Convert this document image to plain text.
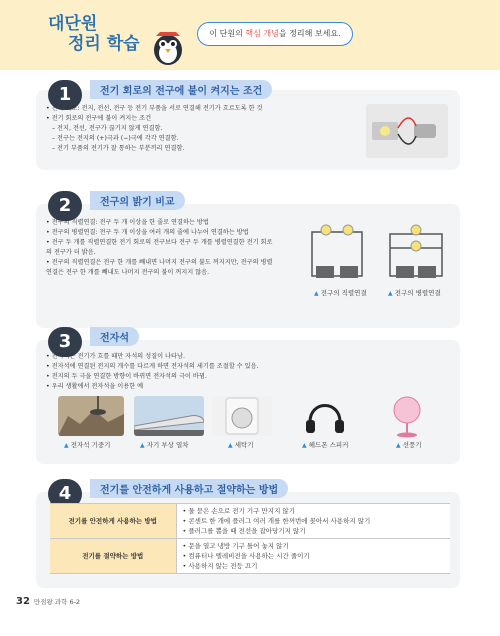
대단원
정리 학습
이 단원의 핵심 개념을 정리해 보세요.
1	전기 회로의 전구에 불이 켜지는 조건
• 전기 회로: 전지, 전선, 전구 등 전기 부품을 서로 연결해 전기가 흐르도록 한 것
• 전기 회로의 전구에 불이 켜지는 조건
– 전지, 전선, 전구가 끊기지 않게 연결함.
– 전구는 전지의 (+)극과 (−)극에 각각 연결함.
– 전기 부품의 전기가 잘 통하는 부분끼리 연결함.
2	전구의 밝기 비교
• 전구의 직렬연결: 전구 두 개 이상을 한 줄로 연결하는 방법
• 전구의 병렬연결: 전구 두 개 이상을 여러 개의 줄에 나누어 연결하는 방법
• 전구 두 개를 직렬연결한 전기 회로의 전구보다 전구 두 개를 병렬연결한 전기 회로
의 전구가 더 밝음.
• 전구의 직렬연결은 전구 한 개를 빼내면 나머지 전구의 불도 꺼지지만, 전구의 병렬
연결은 전구 한 개를 빼내도 나머지 전구의 불이 꺼지지 않음.
▲ 전구의 직렬연결	▲ 전구의 병렬연결
3	전자석
• 전자석은 전기가 흐를 때만 자석의 성질이 나타남.
• 전자석에 연결된 전지의 개수를 다르게 하면 전자석의 세기를 조절할 수 있음.
• 전지의 두 극을 연결한 방향이 바뀌면 전자석의 극이 바뀜.
• 우리 생활에서 전자석을 이용한 예
▲ 전자석 기중기	▲ 자기 부상 열차	▲ 세탁기	▲ 헤드폰 스피커	▲ 선풍기
4	전기를 안전하게 사용하고 절약하는 방법
전기를 안전하게 사용하는 방법	• 물 묻은 손으로 전기 기구 만지지 않기
• 콘센트 한 개에 플러그 여러 개를 한꺼번에 꽂아서 사용하지 않기
• 플러그를 뽑을 때 전선을 잡아당기지 않기

전기를 절약하는 방법	• 문을 열고 냉방 기구 틀어 놓지 않기
• 컴퓨터나 텔레비전을 사용하는 시간 줄이기
• 사용하지 않는 전등 끄기
32 만점왕 과학 6-2
